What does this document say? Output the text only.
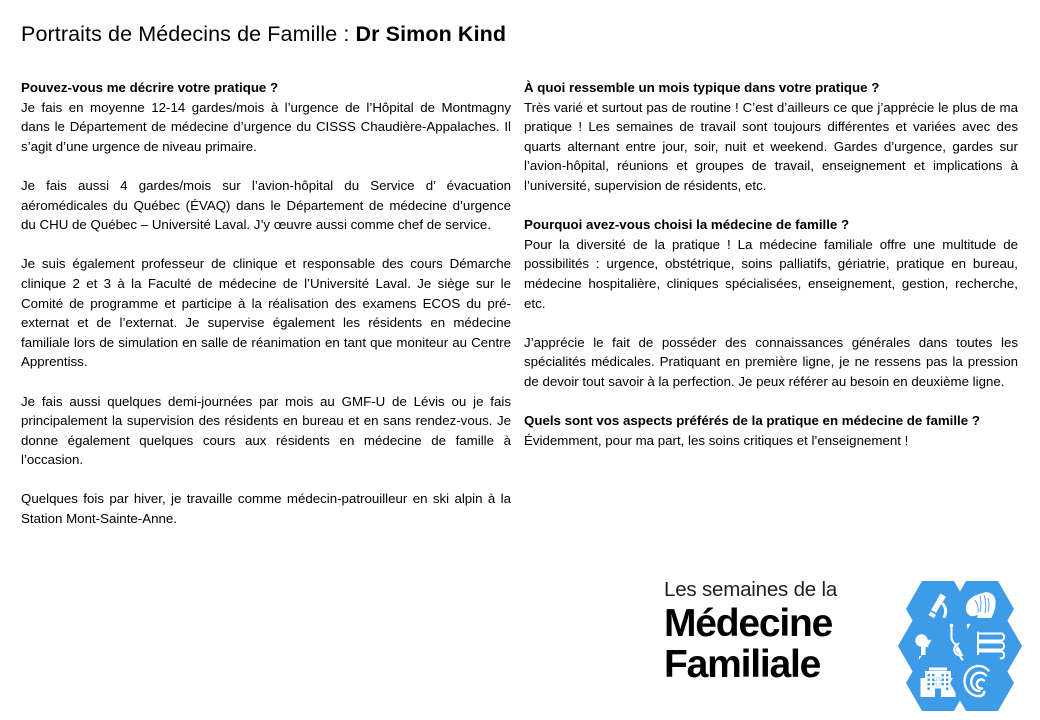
Portraits de Médecins de Famille : Dr Simon Kind
Pouvez-vous me décrire votre pratique ?
Je fais en moyenne 12-14 gardes/mois à l’urgence de l’Hôpital de Montmagny dans le Département de médecine d’urgence du CISSS Chaudière-Appalaches. Il s’agit d’une urgence de niveau primaire.
Je fais aussi 4 gardes/mois sur l’avion-hôpital du Service d’ évacuation aéromédicales du Québec (ÉVAQ) dans le Département de médecine d’urgence du CHU de Québec – Université Laval. J’y œuvre aussi comme chef de service.
Je suis également professeur de clinique et responsable des cours Démarche clinique 2 et 3 à la Faculté de médecine de l’Université Laval. Je siège sur le Comité de programme et participe à la réalisation des examens ECOS du pré-externat et de l’externat. Je supervise également les résidents en médecine familiale lors de simulation en salle de réanimation en tant que moniteur au Centre Apprentiss.
Je fais aussi quelques demi-journées par mois au GMF-U de Lévis ou je fais principalement la supervision des résidents en bureau et en sans rendez-vous. Je donne également quelques cours aux résidents en médecine de famille à l’occasion.
Quelques fois par hiver, je travaille comme médecin-patrouilleur en ski alpin à la Station Mont-Sainte-Anne.
À quoi ressemble un mois typique dans votre pratique ?
Très varié et surtout pas de routine ! C’est d’ailleurs ce que j’apprécie le plus de ma pratique ! Les semaines de travail sont toujours différentes et variées avec des quarts alternant entre jour, soir, nuit et weekend. Gardes d’urgence, gardes sur l’avion-hôpital, réunions et groupes de travail, enseignement et implications à l’université, supervision de résidents, etc.
Pourquoi avez-vous choisi la médecine de famille ?
Pour la diversité de la pratique ! La médecine familiale offre une multitude de possibilités : urgence, obstétrique, soins palliatifs, gériatrie, pratique en bureau, médecine hospitalière, cliniques spécialisées, enseignement, gestion, recherche, etc.
J’apprécie le fait de posséder des connaissances générales dans toutes les spécialités médicales. Pratiquant en première ligne, je ne ressens pas la pression de devoir tout savoir à la perfection. Je peux référer au besoin en deuxième ligne.
Quels sont vos aspects préférés de la pratique en médecine de famille ?
Évidemment, pour ma part, les soins critiques et l’enseignement !
Les semaines de la
Médecine
Familiale
